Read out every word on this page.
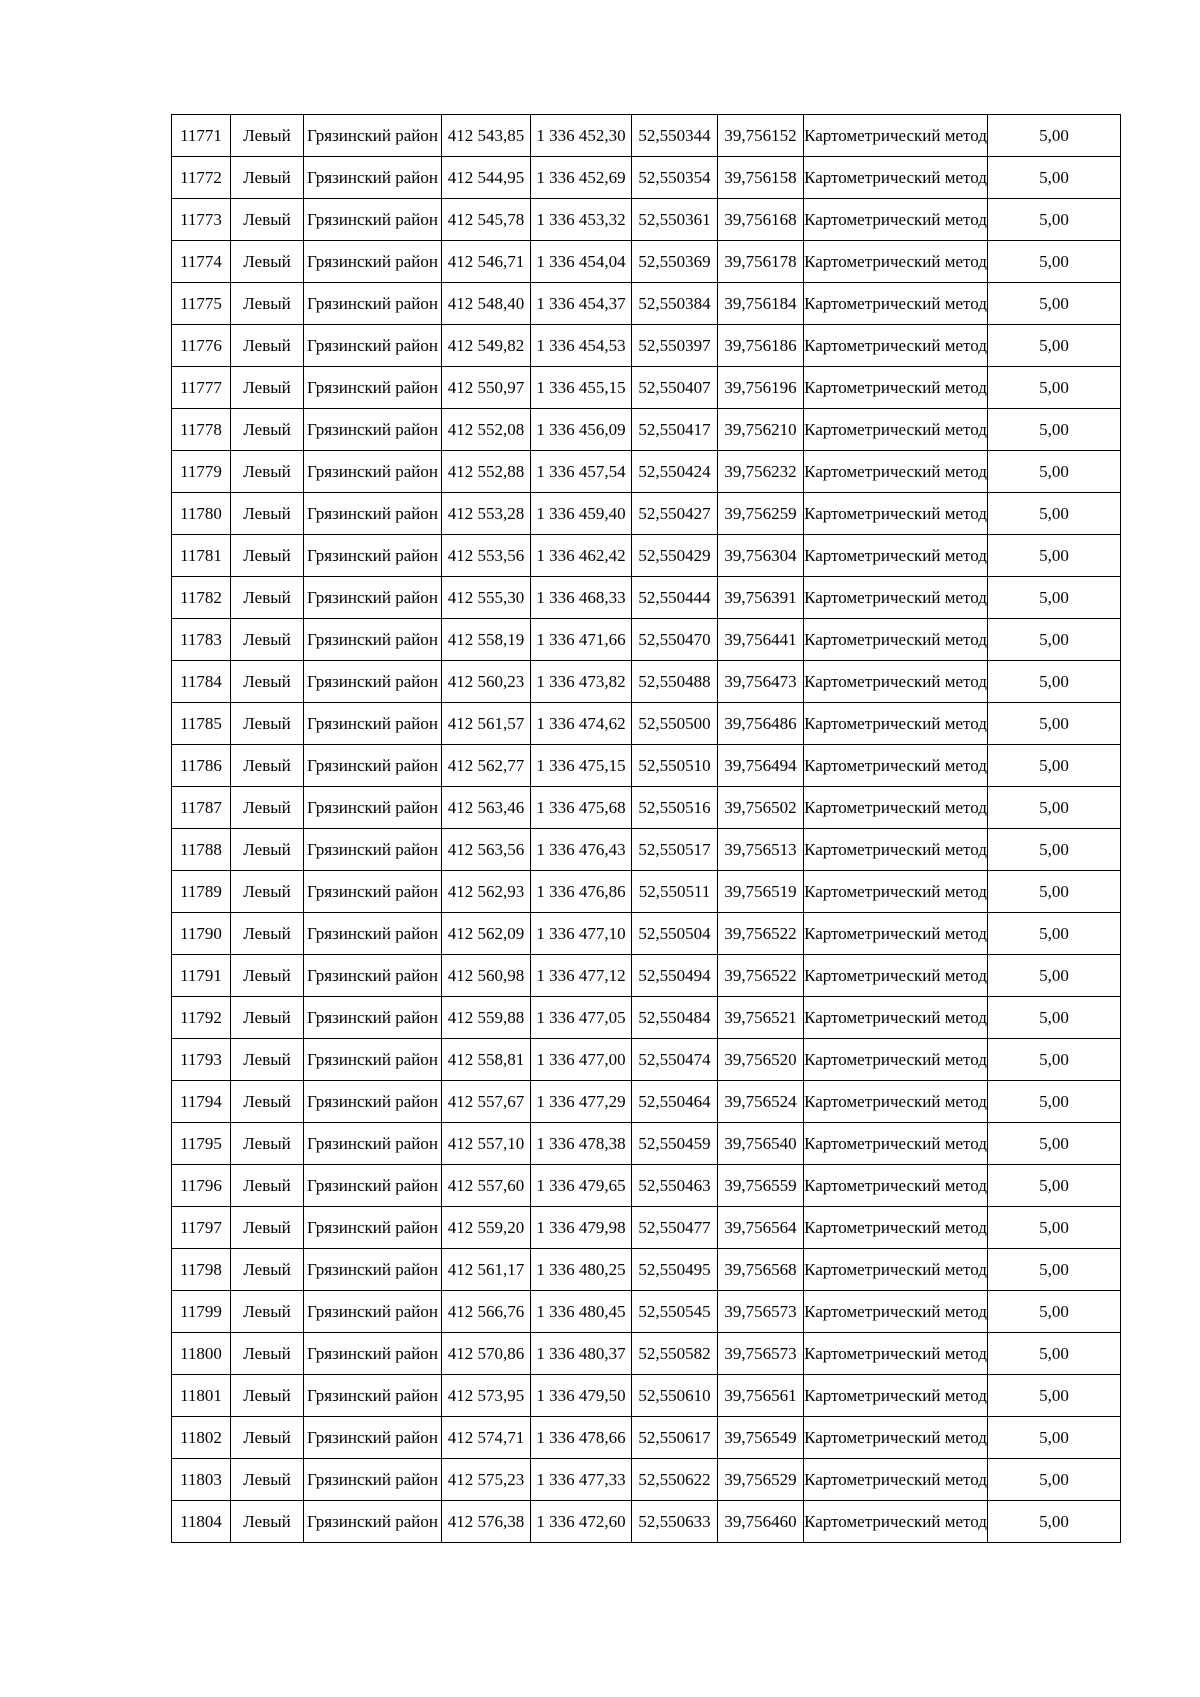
11771	Левый	Грязинский район	412 543,85	1 336 452,30	52,550344	39,756152	Картометрический метод	5,00
11772	Левый	Грязинский район	412 544,95	1 336 452,69	52,550354	39,756158	Картометрический метод	5,00
11773	Левый	Грязинский район	412 545,78	1 336 453,32	52,550361	39,756168	Картометрический метод	5,00
11774	Левый	Грязинский район	412 546,71	1 336 454,04	52,550369	39,756178	Картометрический метод	5,00
11775	Левый	Грязинский район	412 548,40	1 336 454,37	52,550384	39,756184	Картометрический метод	5,00
11776	Левый	Грязинский район	412 549,82	1 336 454,53	52,550397	39,756186	Картометрический метод	5,00
11777	Левый	Грязинский район	412 550,97	1 336 455,15	52,550407	39,756196	Картометрический метод	5,00
11778	Левый	Грязинский район	412 552,08	1 336 456,09	52,550417	39,756210	Картометрический метод	5,00
11779	Левый	Грязинский район	412 552,88	1 336 457,54	52,550424	39,756232	Картометрический метод	5,00
11780	Левый	Грязинский район	412 553,28	1 336 459,40	52,550427	39,756259	Картометрический метод	5,00
11781	Левый	Грязинский район	412 553,56	1 336 462,42	52,550429	39,756304	Картометрический метод	5,00
11782	Левый	Грязинский район	412 555,30	1 336 468,33	52,550444	39,756391	Картометрический метод	5,00
11783	Левый	Грязинский район	412 558,19	1 336 471,66	52,550470	39,756441	Картометрический метод	5,00
11784	Левый	Грязинский район	412 560,23	1 336 473,82	52,550488	39,756473	Картометрический метод	5,00
11785	Левый	Грязинский район	412 561,57	1 336 474,62	52,550500	39,756486	Картометрический метод	5,00
11786	Левый	Грязинский район	412 562,77	1 336 475,15	52,550510	39,756494	Картометрический метод	5,00
11787	Левый	Грязинский район	412 563,46	1 336 475,68	52,550516	39,756502	Картометрический метод	5,00
11788	Левый	Грязинский район	412 563,56	1 336 476,43	52,550517	39,756513	Картометрический метод	5,00
11789	Левый	Грязинский район	412 562,93	1 336 476,86	52,550511	39,756519	Картометрический метод	5,00
11790	Левый	Грязинский район	412 562,09	1 336 477,10	52,550504	39,756522	Картометрический метод	5,00
11791	Левый	Грязинский район	412 560,98	1 336 477,12	52,550494	39,756522	Картометрический метод	5,00
11792	Левый	Грязинский район	412 559,88	1 336 477,05	52,550484	39,756521	Картометрический метод	5,00
11793	Левый	Грязинский район	412 558,81	1 336 477,00	52,550474	39,756520	Картометрический метод	5,00
11794	Левый	Грязинский район	412 557,67	1 336 477,29	52,550464	39,756524	Картометрический метод	5,00
11795	Левый	Грязинский район	412 557,10	1 336 478,38	52,550459	39,756540	Картометрический метод	5,00
11796	Левый	Грязинский район	412 557,60	1 336 479,65	52,550463	39,756559	Картометрический метод	5,00
11797	Левый	Грязинский район	412 559,20	1 336 479,98	52,550477	39,756564	Картометрический метод	5,00
11798	Левый	Грязинский район	412 561,17	1 336 480,25	52,550495	39,756568	Картометрический метод	5,00
11799	Левый	Грязинский район	412 566,76	1 336 480,45	52,550545	39,756573	Картометрический метод	5,00
11800	Левый	Грязинский район	412 570,86	1 336 480,37	52,550582	39,756573	Картометрический метод	5,00
11801	Левый	Грязинский район	412 573,95	1 336 479,50	52,550610	39,756561	Картометрический метод	5,00
11802	Левый	Грязинский район	412 574,71	1 336 478,66	52,550617	39,756549	Картометрический метод	5,00
11803	Левый	Грязинский район	412 575,23	1 336 477,33	52,550622	39,756529	Картометрический метод	5,00
11804	Левый	Грязинский район	412 576,38	1 336 472,60	52,550633	39,756460	Картометрический метод	5,00
